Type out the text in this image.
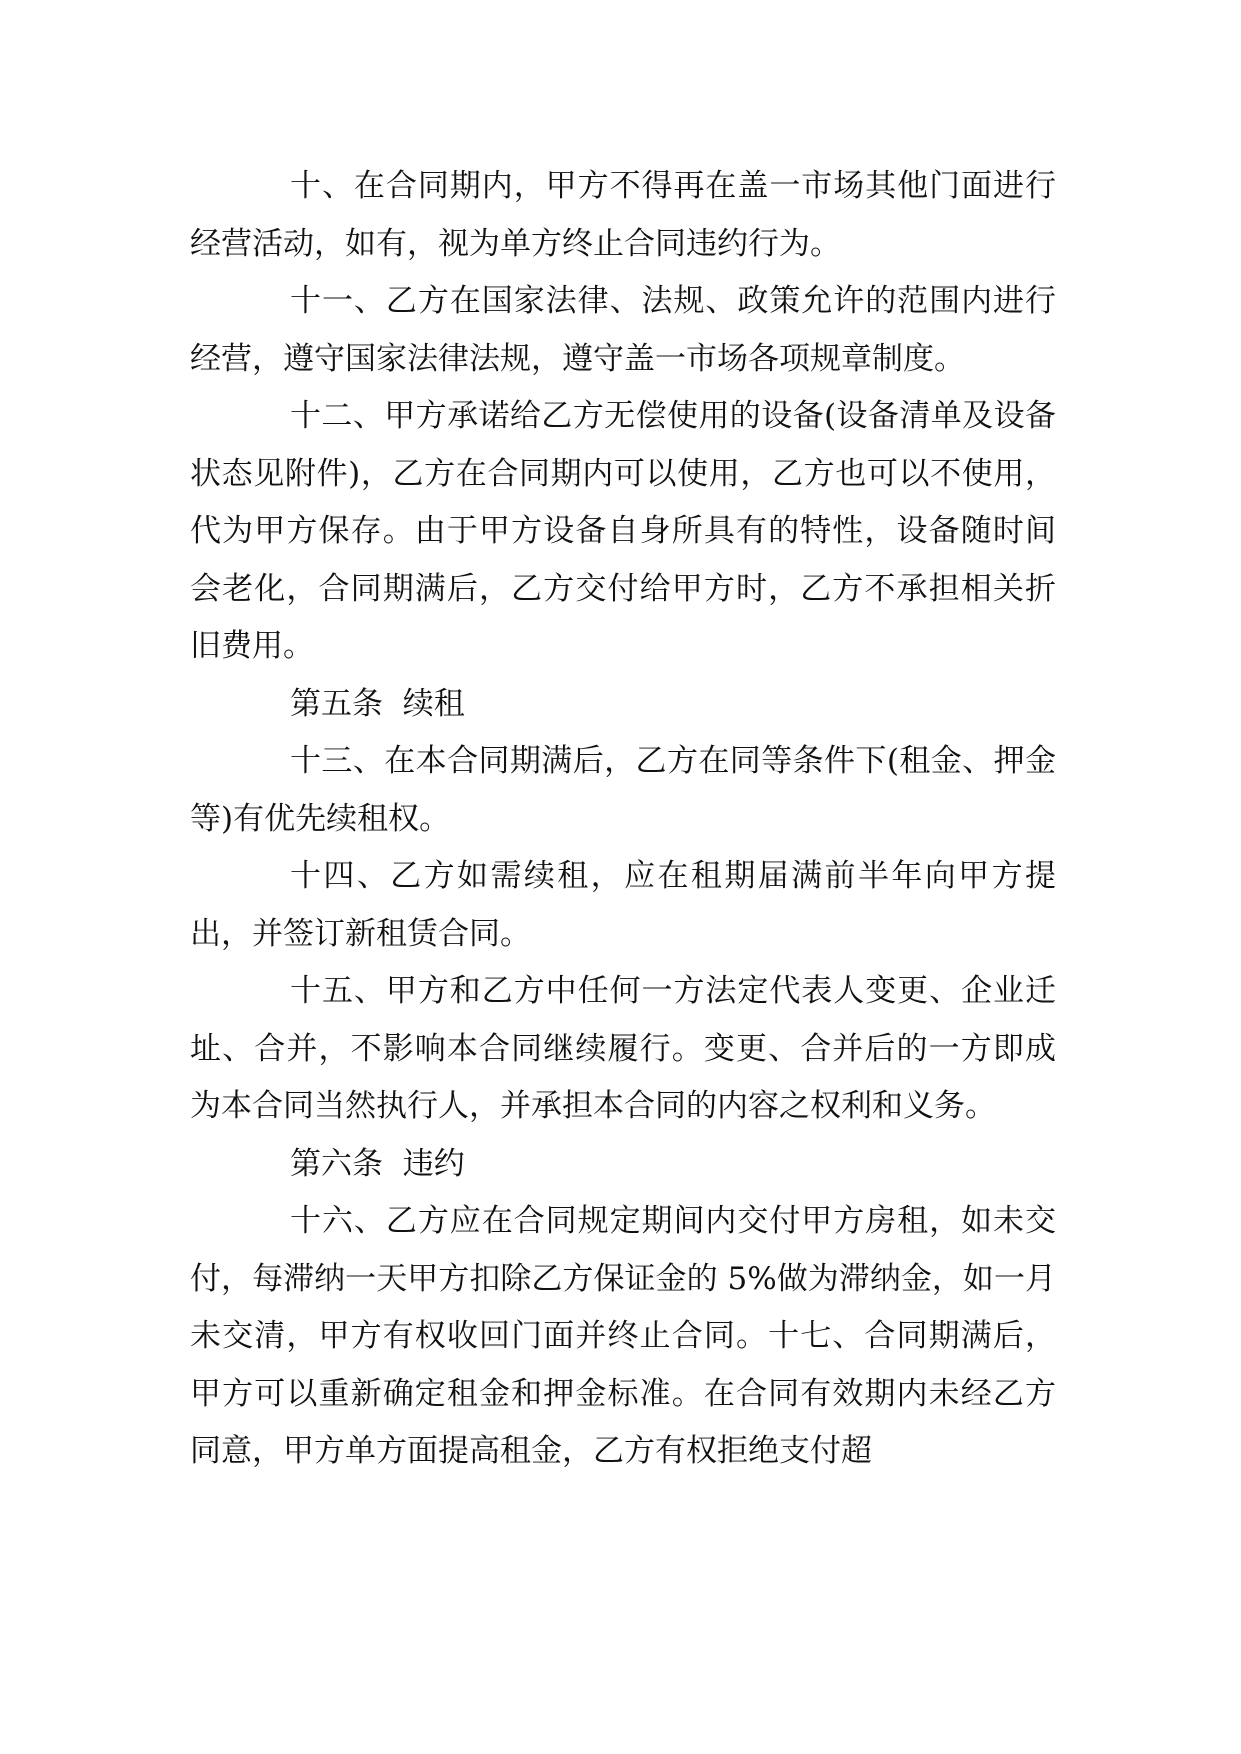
十、在合同期内，甲方不得再在盖一市场其他门面进行经营活动，如有，视为单方终止合同违约行为。

十一、乙方在国家法律、法规、政策允许的范围内进行经营，遵守国家法律法规，遵守盖一市场各项规章制度。

十二、甲方承诺给乙方无偿使用的设备(设备清单及设备状态见附件)，乙方在合同期内可以使用，乙方也可以不使用，代为甲方保存。由于甲方设备自身所具有的特性，设备随时间会老化，合同期满后，乙方交付给甲方时，乙方不承担相关折旧费用。

第五条  续租

十三、在本合同期满后，乙方在同等条件下(租金、押金等)有优先续租权。

十四、乙方如需续租，应在租期届满前半年向甲方提出，并签订新租赁合同。

十五、甲方和乙方中任何一方法定代表人变更、企业迁址、合并，不影响本合同继续履行。变更、合并后的一方即成为本合同当然执行人，并承担本合同的内容之权利和义务。

第六条  违约

十六、乙方应在合同规定期间内交付甲方房租，如未交付，每滞纳一天甲方扣除乙方保证金的 5%做为滞纳金，如一月未交清，甲方有权收回门面并终止合同。十七、合同期满后，甲方可以重新确定租金和押金标准。在合同有效期内未经乙方同意，甲方单方面提高租金，乙方有权拒绝支付超
